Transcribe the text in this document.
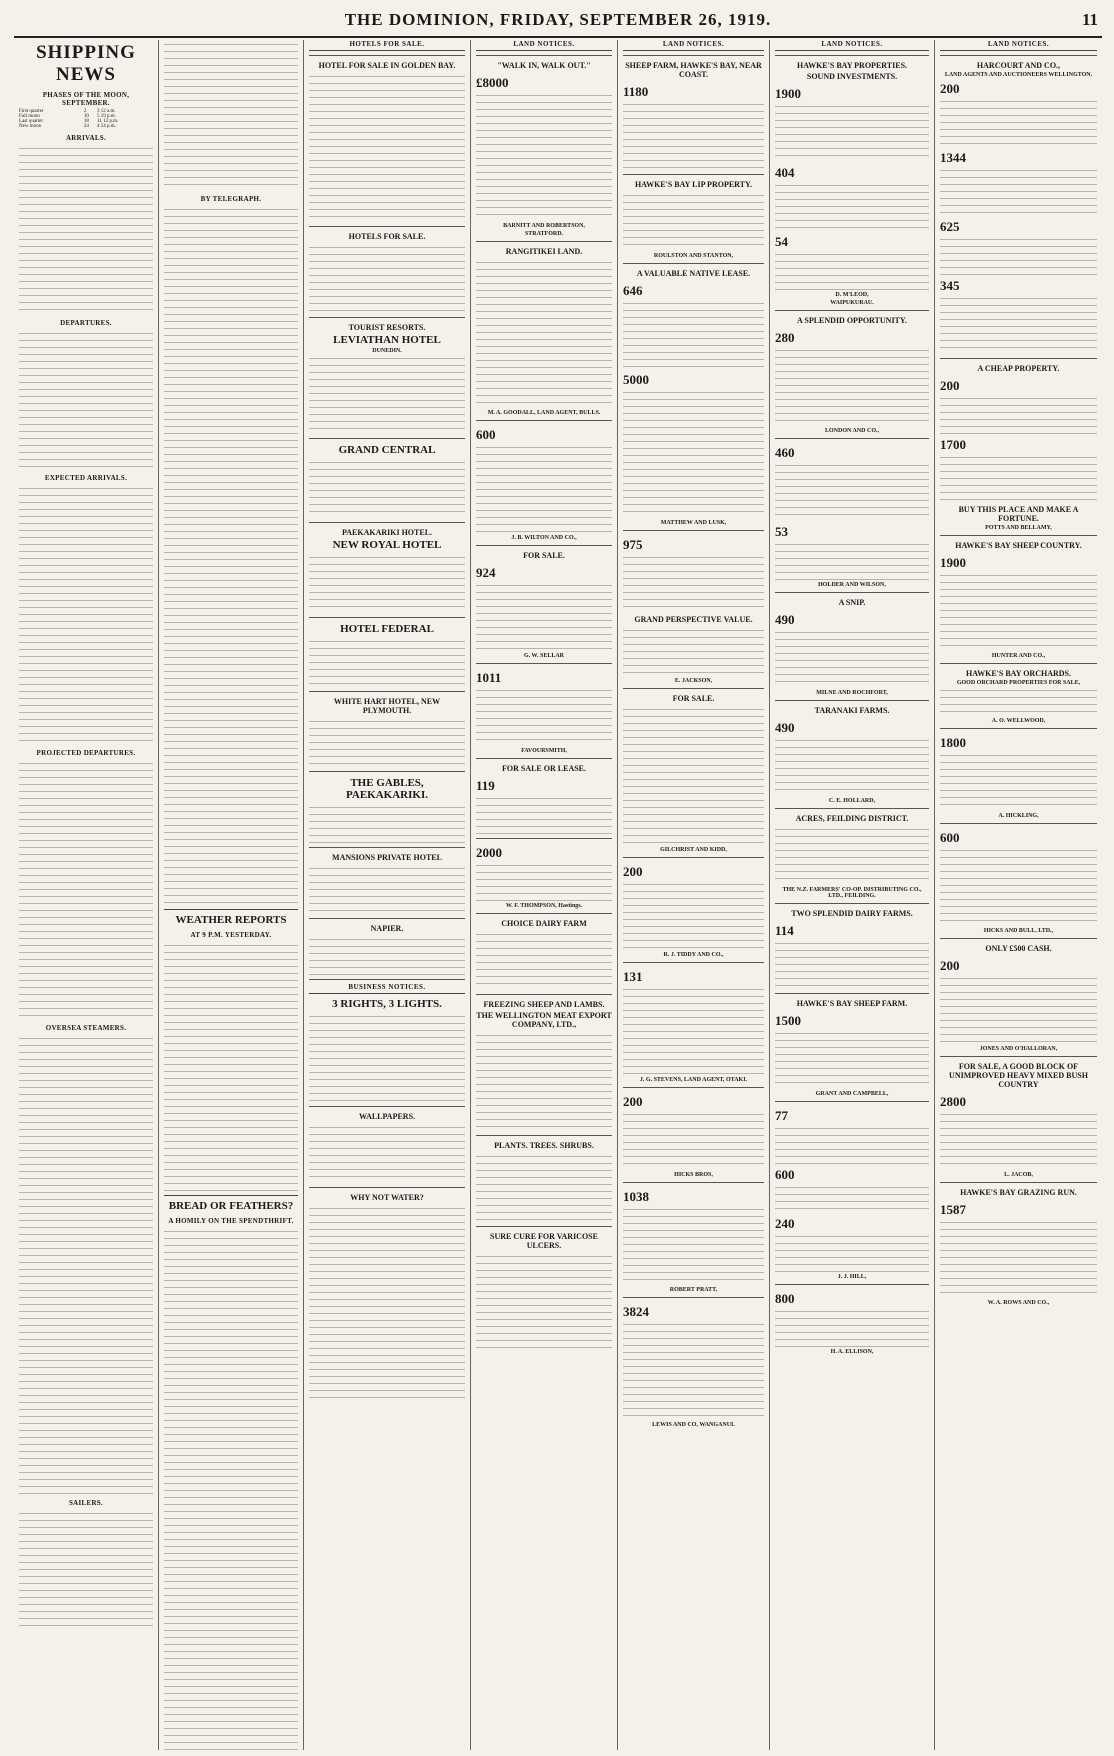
THE DOMINION, FRIDAY, SEPTEMBER 26, 1919.	11
SHIPPING NEWS
PHASES OF THE MOON, SEPTEMBER.
First quarter	2	3 12 a.m.
Full moon	10	5 19 p.m.
Last quarter	18	11 12 p.m.
New moon	24	4 54 p.m.
ARRIVALS.
DEPARTURES.
EXPECTED ARRIVALS.
PROJECTED DEPARTURES.
OVERSEA STEAMERS.
SAILERS.
BY TELEGRAPH.
WEATHER REPORTS
AT 9 P.M. YESTERDAY.
BREAD OR FEATHERS?
A HOMILY ON THE SPENDTHRIFT.
HOTELS FOR SALE.
HOTEL FOR SALE IN GOLDEN BAY.
HOTELS FOR SALE.
TOURIST RESORTS.
LEVIATHAN HOTEL
DUNEDIN.
GRAND CENTRAL
PAEKAKARIKI HOTEL.
NEW ROYAL HOTEL
HOTEL FEDERAL
WHITE HART HOTEL, NEW PLYMOUTH.
THE GABLES, PAEKAKARIKI.
MANSIONS PRIVATE HOTEL
NAPIER.
BUSINESS NOTICES.
3 RIGHTS, 3 LIGHTS.
WALLPAPERS.
WHY NOT WATER?
LAND NOTICES.
"WALK IN, WALK OUT."
£8000
BARNITT AND ROBERTSON,
STRATFORD.
RANGITIKEI LAND.
M. A. GOODALL, LAND AGENT, BULLS.
600
J. B. WILTON AND CO.,
FOR SALE.
924
G. W. SELLAR
1011
FAVOURSMITH,
FOR SALE OR LEASE.
119
2000
W. F. THOMPSON, Hastings.
CHOICE DAIRY FARM
FREEZING SHEEP AND LAMBS.
THE WELLINGTON MEAT EXPORT COMPANY, LTD.,
PLANTS. TREES. SHRUBS.
SURE CURE FOR VARICOSE ULCERS.
LAND NOTICES.
SHEEP FARM, HAWKE'S BAY, NEAR COAST.
1180
HAWKE'S BAY LIP PROPERTY.
ROULSTON AND STANTON,
A VALUABLE NATIVE LEASE.
646
5000
MATTHEW AND LUSK,
975
GRAND PERSPECTIVE VALUE.
E. JACKSON,
FOR SALE.
GILCHRIST AND KIDD,
200
R. J. TIDDY AND CO.,
131
J. G. STEVENS, LAND AGENT, OTAKI.
200
HICKS BROS,
1038
ROBERT PRATT,
3824
LEWIS AND CO, WANGANUI.
LAND NOTICES.
HAWKE'S BAY PROPERTIES.
SOUND INVESTMENTS.
1900
404
54
D. M'LEOD,
WAIPUKURAU.
A SPLENDID OPPORTUNITY.
280
LONDON AND CO.,
460
53
HOLDER AND WILSON,
A SNIP.
490
MILNE AND ROCHFORT,
TARANAKI FARMS.
490
C. E. HOLLARD,
ACRES, FEILDING DISTRICT.
THE N.Z. FARMERS' CO-OP. DISTRIBUTING CO., LTD., FEILDING.
TWO SPLENDID DAIRY FARMS.
114
HAWKE'S BAY SHEEP FARM.
1500
GRANT AND CAMPBELL,
77
600
240
J. J. HILL,
800
H. A. ELLISON,
LAND NOTICES.
HARCOURT AND CO.,
LAND AGENTS AND AUCTIONEERS WELLINGTON.
200
1344
625
345
A CHEAP PROPERTY.
200
1700
BUY THIS PLACE AND MAKE A FORTUNE.
POTTS AND BELLAMY,
HAWKE'S BAY SHEEP COUNTRY.
1900
HUNTER AND CO.,
HAWKE'S BAY ORCHARDS.
GOOD ORCHARD PROPERTIES FOR SALE,
A. O. WELLWOOD,
1800
A. HICKLING,
600
HICKS AND BULL, LTD.,
ONLY £500 CASH.
200
JONES AND O'HALLORAN,
FOR SALE, A GOOD BLOCK OF UNIMPROVED HEAVY MIXED BUSH COUNTRY
2800
L. JACOB,
HAWKE'S BAY GRAZING RUN.
1587
W. A. ROWS AND CO.,
